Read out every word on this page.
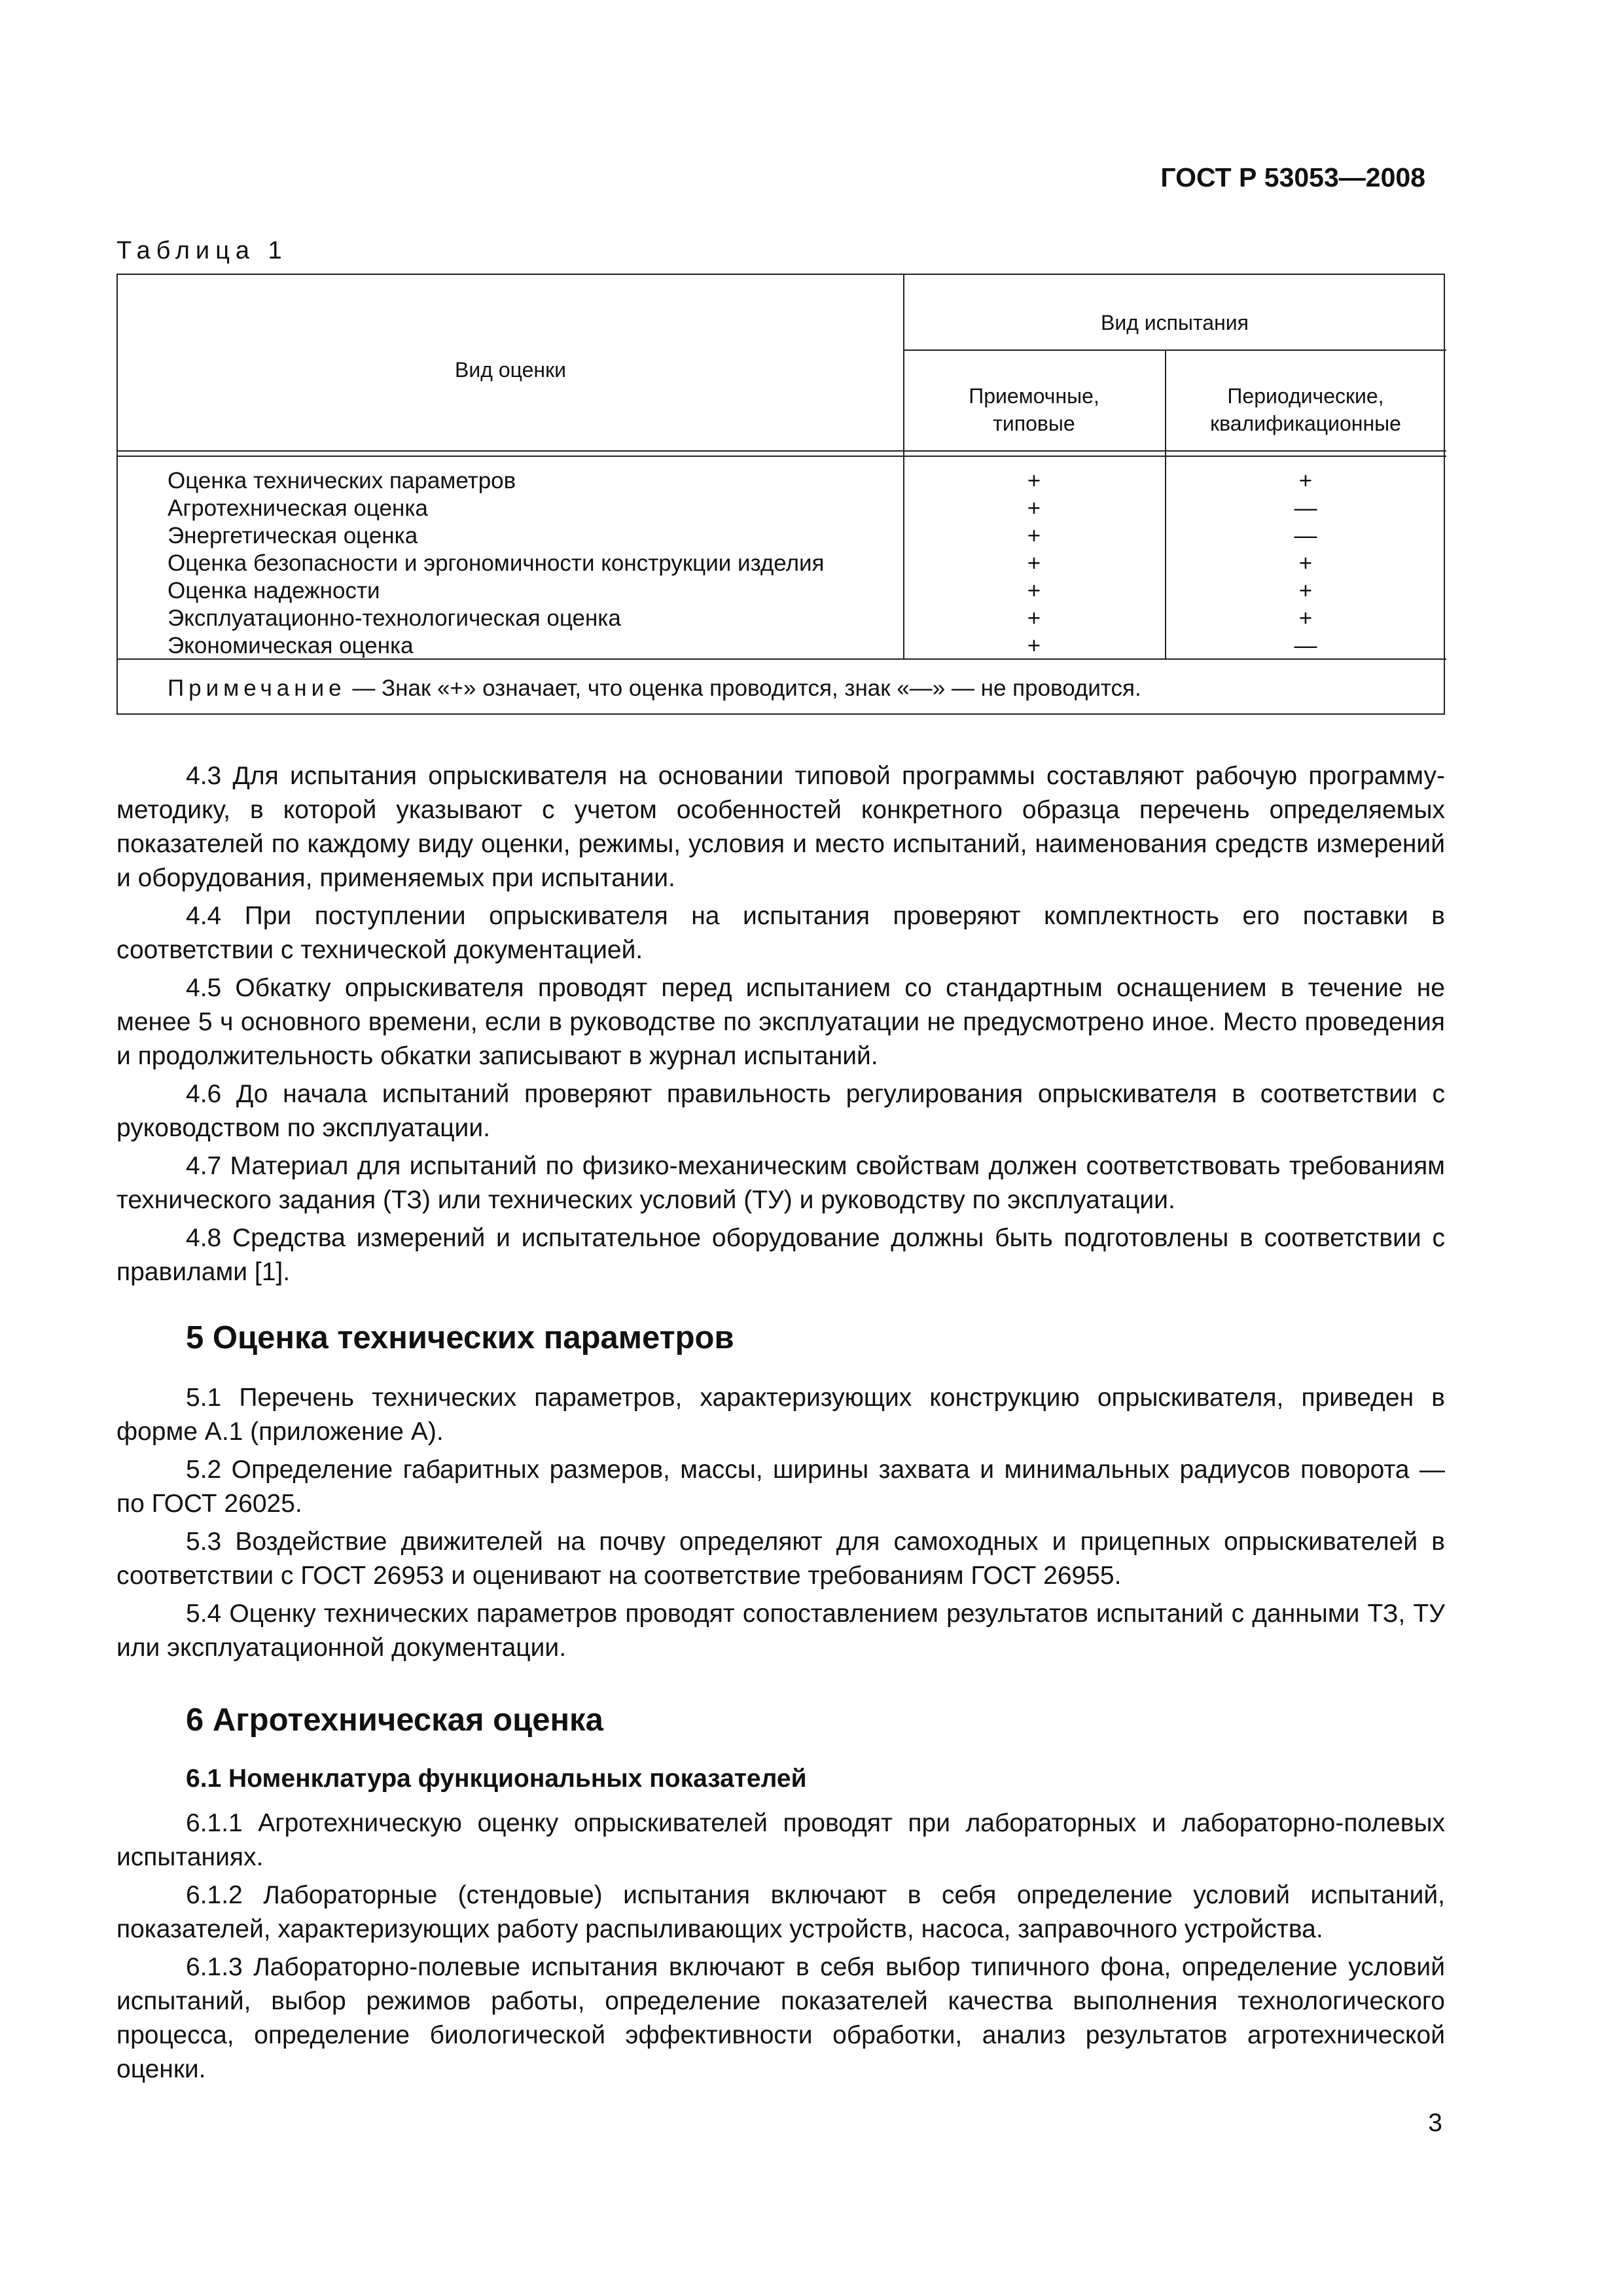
ГОСТ Р 53053—2008
Таблица 1
Вид оценки
Вид испытания
Приемочные,
типовые
Периодические,
квалификационные
Оценка технических параметров
Агротехническая оценка
Энергетическая оценка
Оценка безопасности и эргономичности конструкции изделия
Оценка надежности
Эксплуатационно-технологическая оценка
Экономическая оценка
+
+
+
+
+
+
+
+
—
—
+
+
+
—
Примечание — Знак «+» означает, что оценка проводится, знак «—» — не проводится.

4.3 Для испытания опрыскивателя на основании типовой программы составляют рабочую программу-методику, в которой указывают с учетом особенностей конкретного образца перечень определяемых показателей по каждому виду оценки, режимы, условия и место испытаний, наименования средств измерений и оборудования, применяемых при испытании.

4.4 При поступлении опрыскивателя на испытания проверяют комплектность его поставки в соответствии с технической документацией.

4.5 Обкатку опрыскивателя проводят перед испытанием со стандартным оснащением в течение не менее 5 ч основного времени, если в руководстве по эксплуатации не предусмотрено иное. Место проведения и продолжительность обкатки записывают в журнал испытаний.

4.6 До начала испытаний проверяют правильность регулирования опрыскивателя в соответствии с руководством по эксплуатации.

4.7 Материал для испытаний по физико-механическим свойствам должен соответствовать требованиям технического задания (ТЗ) или технических условий (ТУ) и руководству по эксплуатации.

4.8 Средства измерений и испытательное оборудование должны быть подготовлены в соответствии с правилами [1].

5 Оценка технических параметров

5.1 Перечень технических параметров, характеризующих конструкцию опрыскивателя, приведен в форме А.1 (приложение А).

5.2 Определение габаритных размеров, массы, ширины захвата и минимальных радиусов поворота — по ГОСТ 26025.

5.3 Воздействие движителей на почву определяют для самоходных и прицепных опрыскивателей в соответствии с ГОСТ 26953 и оценивают на соответствие требованиям ГОСТ 26955.

5.4 Оценку технических параметров проводят сопоставлением результатов испытаний с данными ТЗ, ТУ или эксплуатационной документации.

6 Агротехническая оценка
6.1 Номенклатура функциональных показателей

6.1.1 Агротехническую оценку опрыскивателей проводят при лабораторных и лабораторно-полевых испытаниях.

6.1.2 Лабораторные (стендовые) испытания включают в себя определение условий испытаний, показателей, характеризующих работу распыливающих устройств, насоса, заправочного устройства.

6.1.3 Лабораторно-полевые испытания включают в себя выбор типичного фона, определение условий испытаний, выбор режимов работы, определение показателей качества выполнения технологического процесса, определение биологической эффективности обработки, анализ результатов агротехнической оценки.

3
